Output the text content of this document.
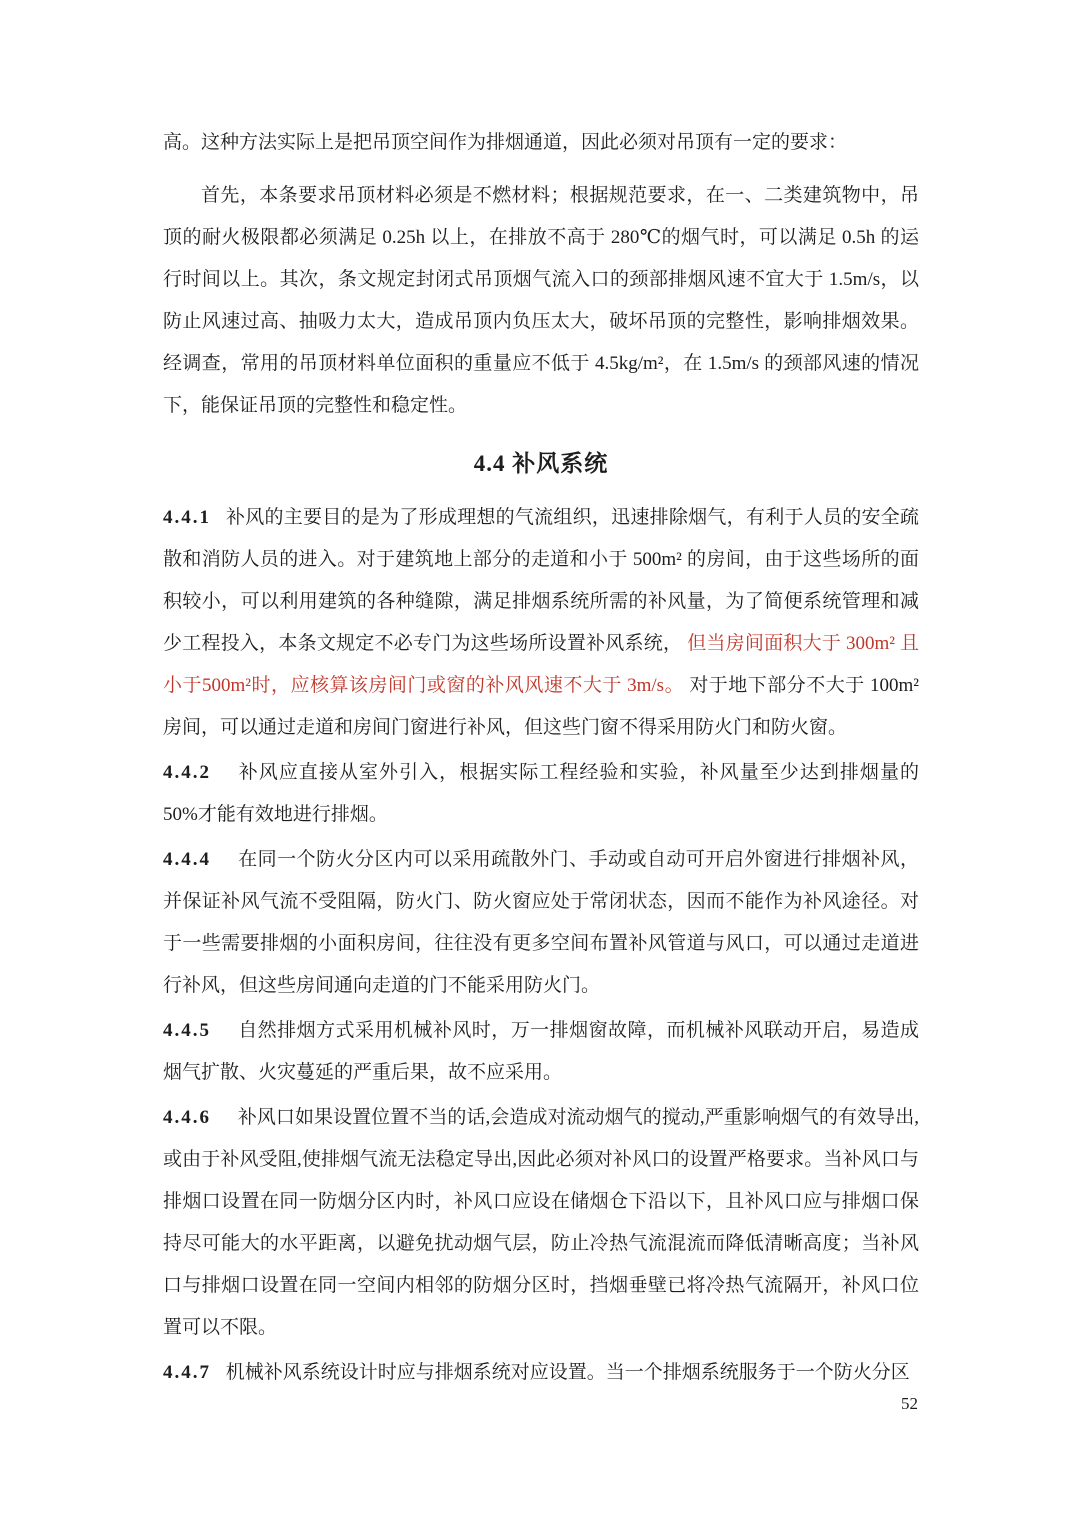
高。这种方法实际上是把吊顶空间作为排烟通道，因此必须对吊顶有一定的要求：

首先，本条要求吊顶材料必须是不燃材料；根据规范要求，在一、二类建筑物中，吊顶的耐火极限都必须满足 0.25h 以上，在排放不高于 280℃的烟气时，可以满足 0.5h 的运行时间以上。其次，条文规定封闭式吊顶烟气流入口的颈部排烟风速不宜大于 1.5m/s，以防止风速过高、抽吸力太大，造成吊顶内负压太大，破坏吊顶的完整性，影响排烟效果。经调查，常用的吊顶材料单位面积的重量应不低于 4.5kg/m²，在 1.5m/s 的颈部风速的情况下，能保证吊顶的完整性和稳定性。

4.4 补风系统

4.4.1 补风的主要目的是为了形成理想的气流组织，迅速排除烟气，有利于人员的安全疏散和消防人员的进入。对于建筑地上部分的走道和小于 500m² 的房间，由于这些场所的面积较小，可以利用建筑的各种缝隙，满足排烟系统所需的补风量，为了简便系统管理和减少工程投入，本条文规定不必专门为这些场所设置补风系统， 但当房间面积大于 300m² 且小于500m²时，应核算该房间门或窗的补风风速不大于 3m/s。 对于地下部分不大于 100m²房间，可以通过走道和房间门窗进行补风，但这些门窗不得采用防火门和防火窗。

4.4.2 补风应直接从室外引入，根据实际工程经验和实验，补风量至少达到排烟量的 50%才能有效地进行排烟。

4.4.4 在同一个防火分区内可以采用疏散外门、手动或自动可开启外窗进行排烟补风，并保证补风气流不受阻隔，防火门、防火窗应处于常闭状态，因而不能作为补风途径。对于一些需要排烟的小面积房间，往往没有更多空间布置补风管道与风口，可以通过走道进行补风，但这些房间通向走道的门不能采用防火门。

4.4.5 自然排烟方式采用机械补风时，万一排烟窗故障，而机械补风联动开启，易造成烟气扩散、火灾蔓延的严重后果，故不应采用。

4.4.6 补风口如果设置位置不当的话,会造成对流动烟气的搅动,严重影响烟气的有效导出,或由于补风受阻,使排烟气流无法稳定导出,因此必须对补风口的设置严格要求。当补风口与排烟口设置在同一防烟分区内时，补风口应设在储烟仓下沿以下，且补风口应与排烟口保持尽可能大的水平距离，以避免扰动烟气层，防止冷热气流混流而降低清晰高度；当补风口与排烟口设置在同一空间内相邻的防烟分区时，挡烟垂壁已将冷热气流隔开，补风口位置可以不限。

4.4.7 机械补风系统设计时应与排烟系统对应设置。当一个排烟系统服务于一个防火分区

52
